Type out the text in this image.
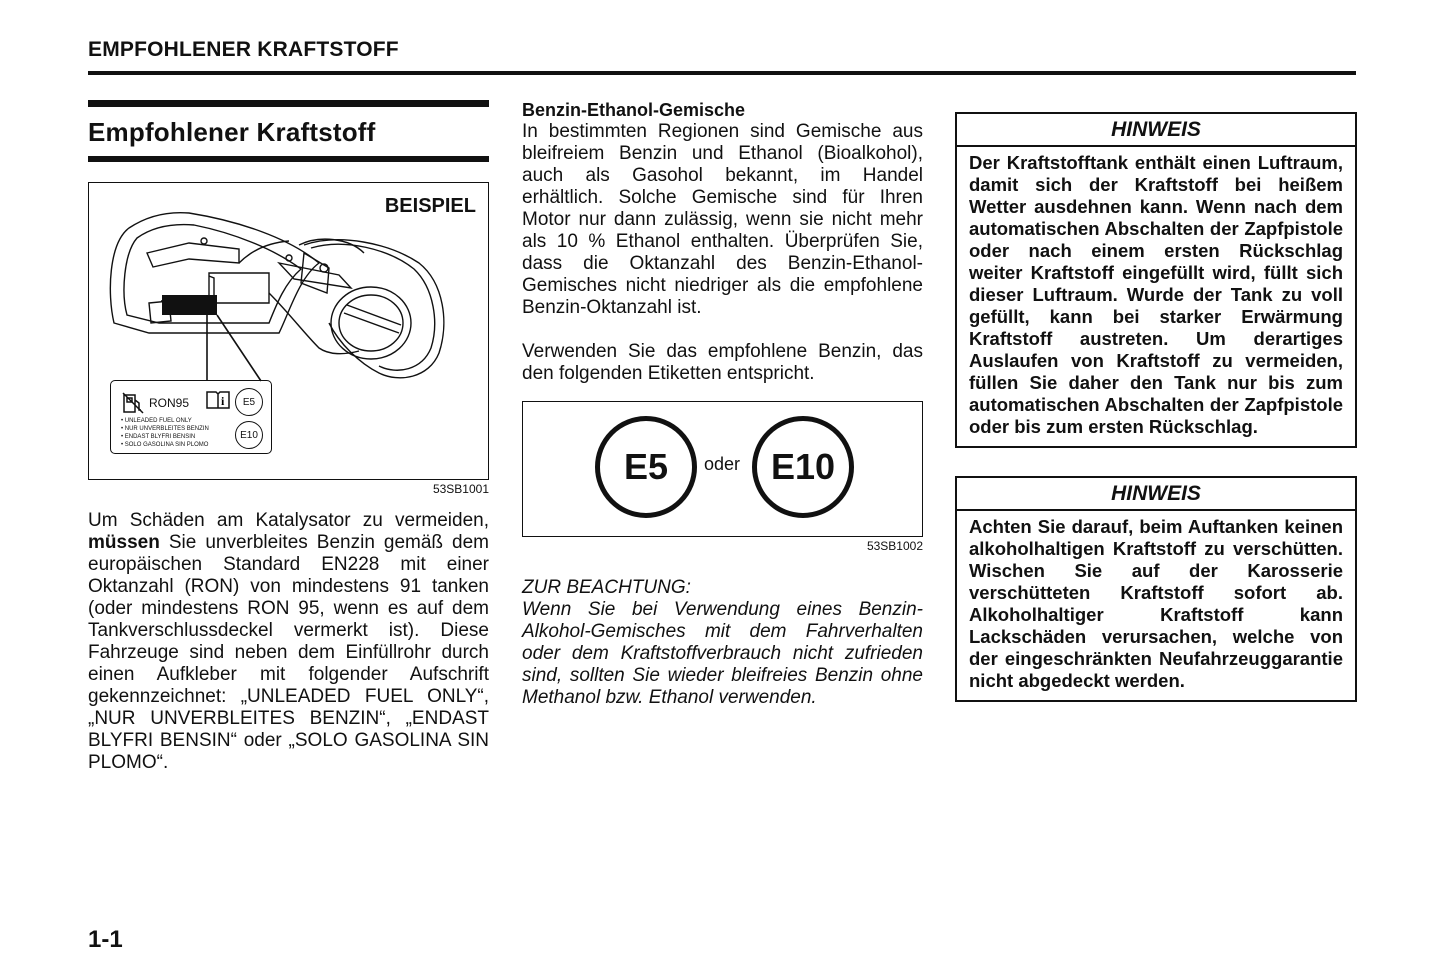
EMPFOHLENER KRAFTSTOFF
Empfohlener Kraftstoff
BEISPIEL
RON95	i	E5
E10
• UNLEADED FUEL ONLY
• NUR UNVERBLEITES BENZIN
• ENDAST BLYFRI BENSIN
• SOLO GASOLINA SIN PLOMO
53SB1001
Um Schäden am Katalysator zu vermeiden, müssen Sie unverbleites Benzin gemäß dem europäischen Standard EN228 mit einer Oktanzahl (RON) von mindestens 91 tanken (oder mindestens RON 95, wenn es auf dem Tankverschlussdeckel vermerkt ist). Diese Fahrzeuge sind neben dem Einfüllrohr durch einen Aufkleber mit folgender Aufschrift gekennzeichnet: „UNLEADED FUEL ONLY“, „NUR UNVERBLEITES BENZIN“, „ENDAST BLYFRI BENSIN“ oder „SOLO GASOLINA SIN PLOMO“.
Benzin-Ethanol-Gemische
In bestimmten Regionen sind Gemische aus bleifreiem Benzin und Ethanol (Bioalkohol), auch als Gasohol bekannt, im Handel erhältlich. Solche Gemische sind für Ihren Motor nur dann zulässig, wenn sie nicht mehr als 10 % Ethanol enthalten. Überprüfen Sie, dass die Oktanzahl des Benzin-Ethanol-Gemisches nicht niedriger als die empfohlene Benzin-Oktanzahl ist.
Verwenden Sie das empfohlene Benzin, das den folgenden Etiketten entspricht.
E5	oder E10
53SB1002
ZUR BEACHTUNG:
Wenn Sie bei Verwendung eines Benzin-Alkohol-Gemisches mit dem Fahrverhalten oder dem Kraftstoffverbrauch nicht zufrieden sind, sollten Sie wieder bleifreies Benzin ohne Methanol bzw. Ethanol verwenden.
HINWEIS
Der Kraftstofftank enthält einen Luftraum, damit sich der Kraftstoff bei heißem Wetter ausdehnen kann. Wenn nach dem automatischen Abschalten der Zapfpistole oder nach einem ersten Rückschlag weiter Kraftstoff eingefüllt wird, füllt sich dieser Luftraum. Wurde der Tank zu voll gefüllt, kann bei starker Erwärmung Kraftstoff austreten. Um derartiges Auslaufen von Kraftstoff zu vermeiden, füllen Sie daher den Tank nur bis zum automatischen Abschalten der Zapfpistole oder bis zum ersten Rückschlag.
HINWEIS
Achten Sie darauf, beim Auftanken keinen alkoholhaltigen Kraftstoff zu verschütten. Wischen Sie auf der Karosserie verschütteten Kraftstoff sofort ab. Alkoholhaltiger Kraftstoff kann Lackschäden verursachen, welche von der eingeschränkten Neufahrzeuggarantie nicht abgedeckt werden.
1-1
